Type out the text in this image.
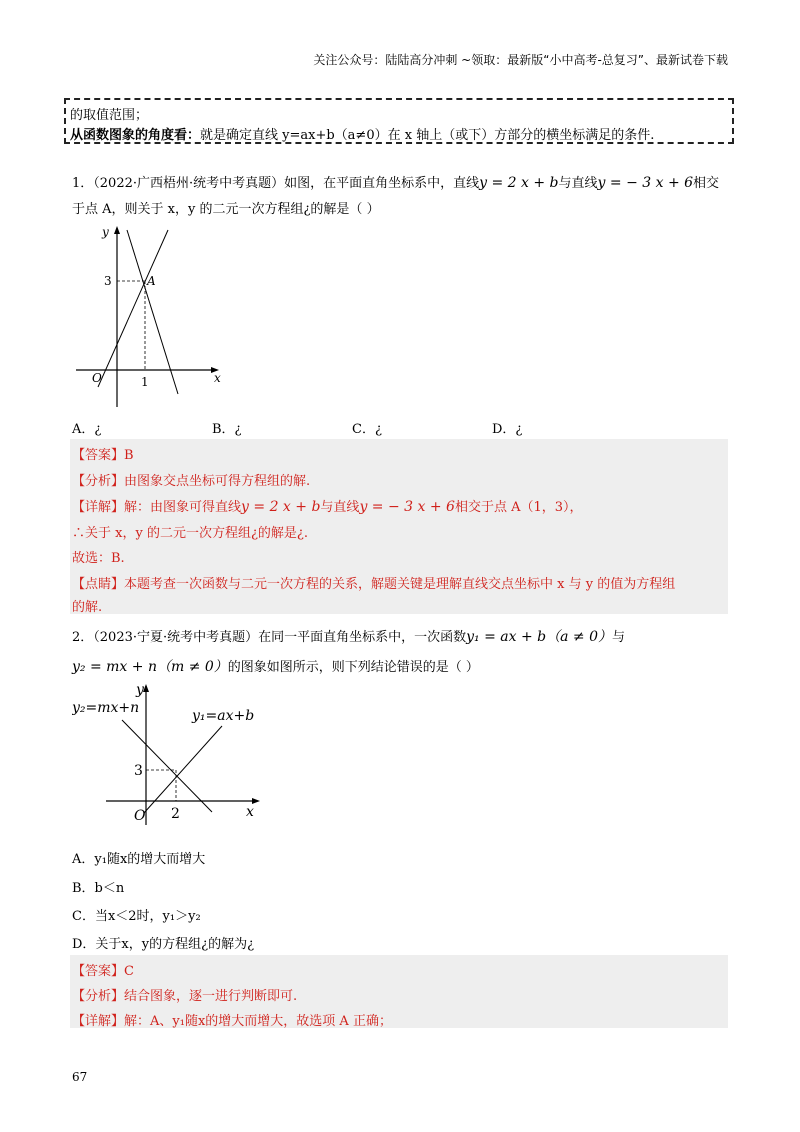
关注公众号：陆陆高分冲刺 ~领取：最新版“小中高考-总复习”、最新试卷下载
的取值范围；
从函数图象的角度看：就是确定直线 y=ax+b（a≠0）在 x 轴上（或下）方部分的横坐标满足的条件.
1．（2022·广西梧州·统考中考真题）如图，在平面直角坐标系中，直线y = 2 x + b与直线y = − 3 x + 6相交
于点 A，则关于 x，y 的二元一次方程组¿的解是（ ）
y
x
O
3
1
A
A．¿	B．¿	C．¿	D．¿
【答案】B
【分析】由图象交点坐标可得方程组的解.
【详解】解：由图象可得直线y = 2 x + b与直线y = − 3 x + 6相交于点 A（1，3），
∴关于 x，y 的二元一次方程组¿的解是¿.
故选：B.
【点睛】本题考查一次函数与二元一次方程的关系，解题关键是理解直线交点坐标中 x 与 y 的值为方程组
的解.
2．（2023·宁夏·统考中考真题）在同一平面直角坐标系中，一次函数y₁ = ax + b（a ≠ 0）与
y₂ = mx + n（m ≠ 0）的图象如图所示，则下列结论错误的是（ ）
y₂=mx+n	y₁=ax+b
y
x
O
3
2
A．y₁随x的增大而增大
B．b＜n
C．当x＜2时，y₁＞y₂
D．关于x，y的方程组¿的解为¿
【答案】C
【分析】结合图象，逐一进行判断即可.
【详解】解：A、y₁随x的增大而增大，故选项 A 正确；
67
